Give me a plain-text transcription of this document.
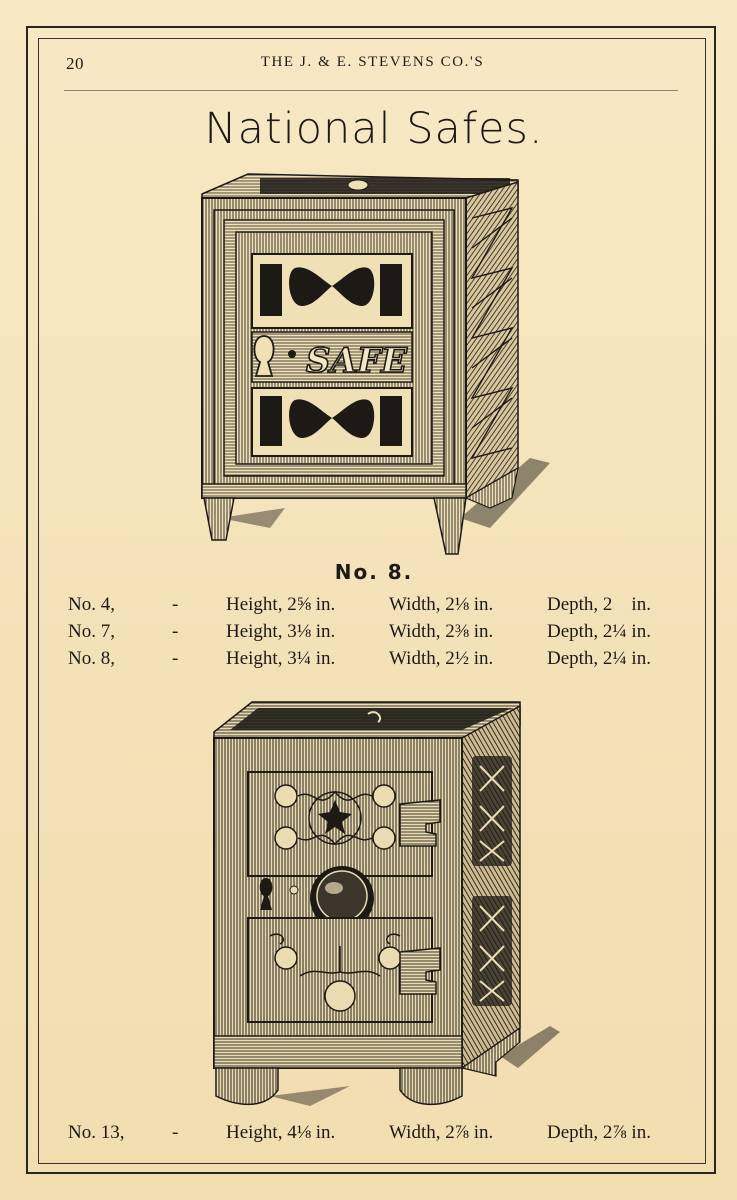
20	THE J. & E. STEVENS CO.'S
National Safes.
SAFE
No. 8.
No. 4,	-	Height, 2⅝ in.	Width, 2⅛ in.	Depth, 2    in.
No. 7,	-	Height, 3⅛ in.	Width, 2⅜ in.	Depth, 2¼ in.
No. 8,	-	Height, 3¼ in.	Width, 2½ in.	Depth, 2¼ in.
No. 13,	-	Height, 4⅛ in.	Width, 2⅞ in.	Depth, 2⅞ in.
